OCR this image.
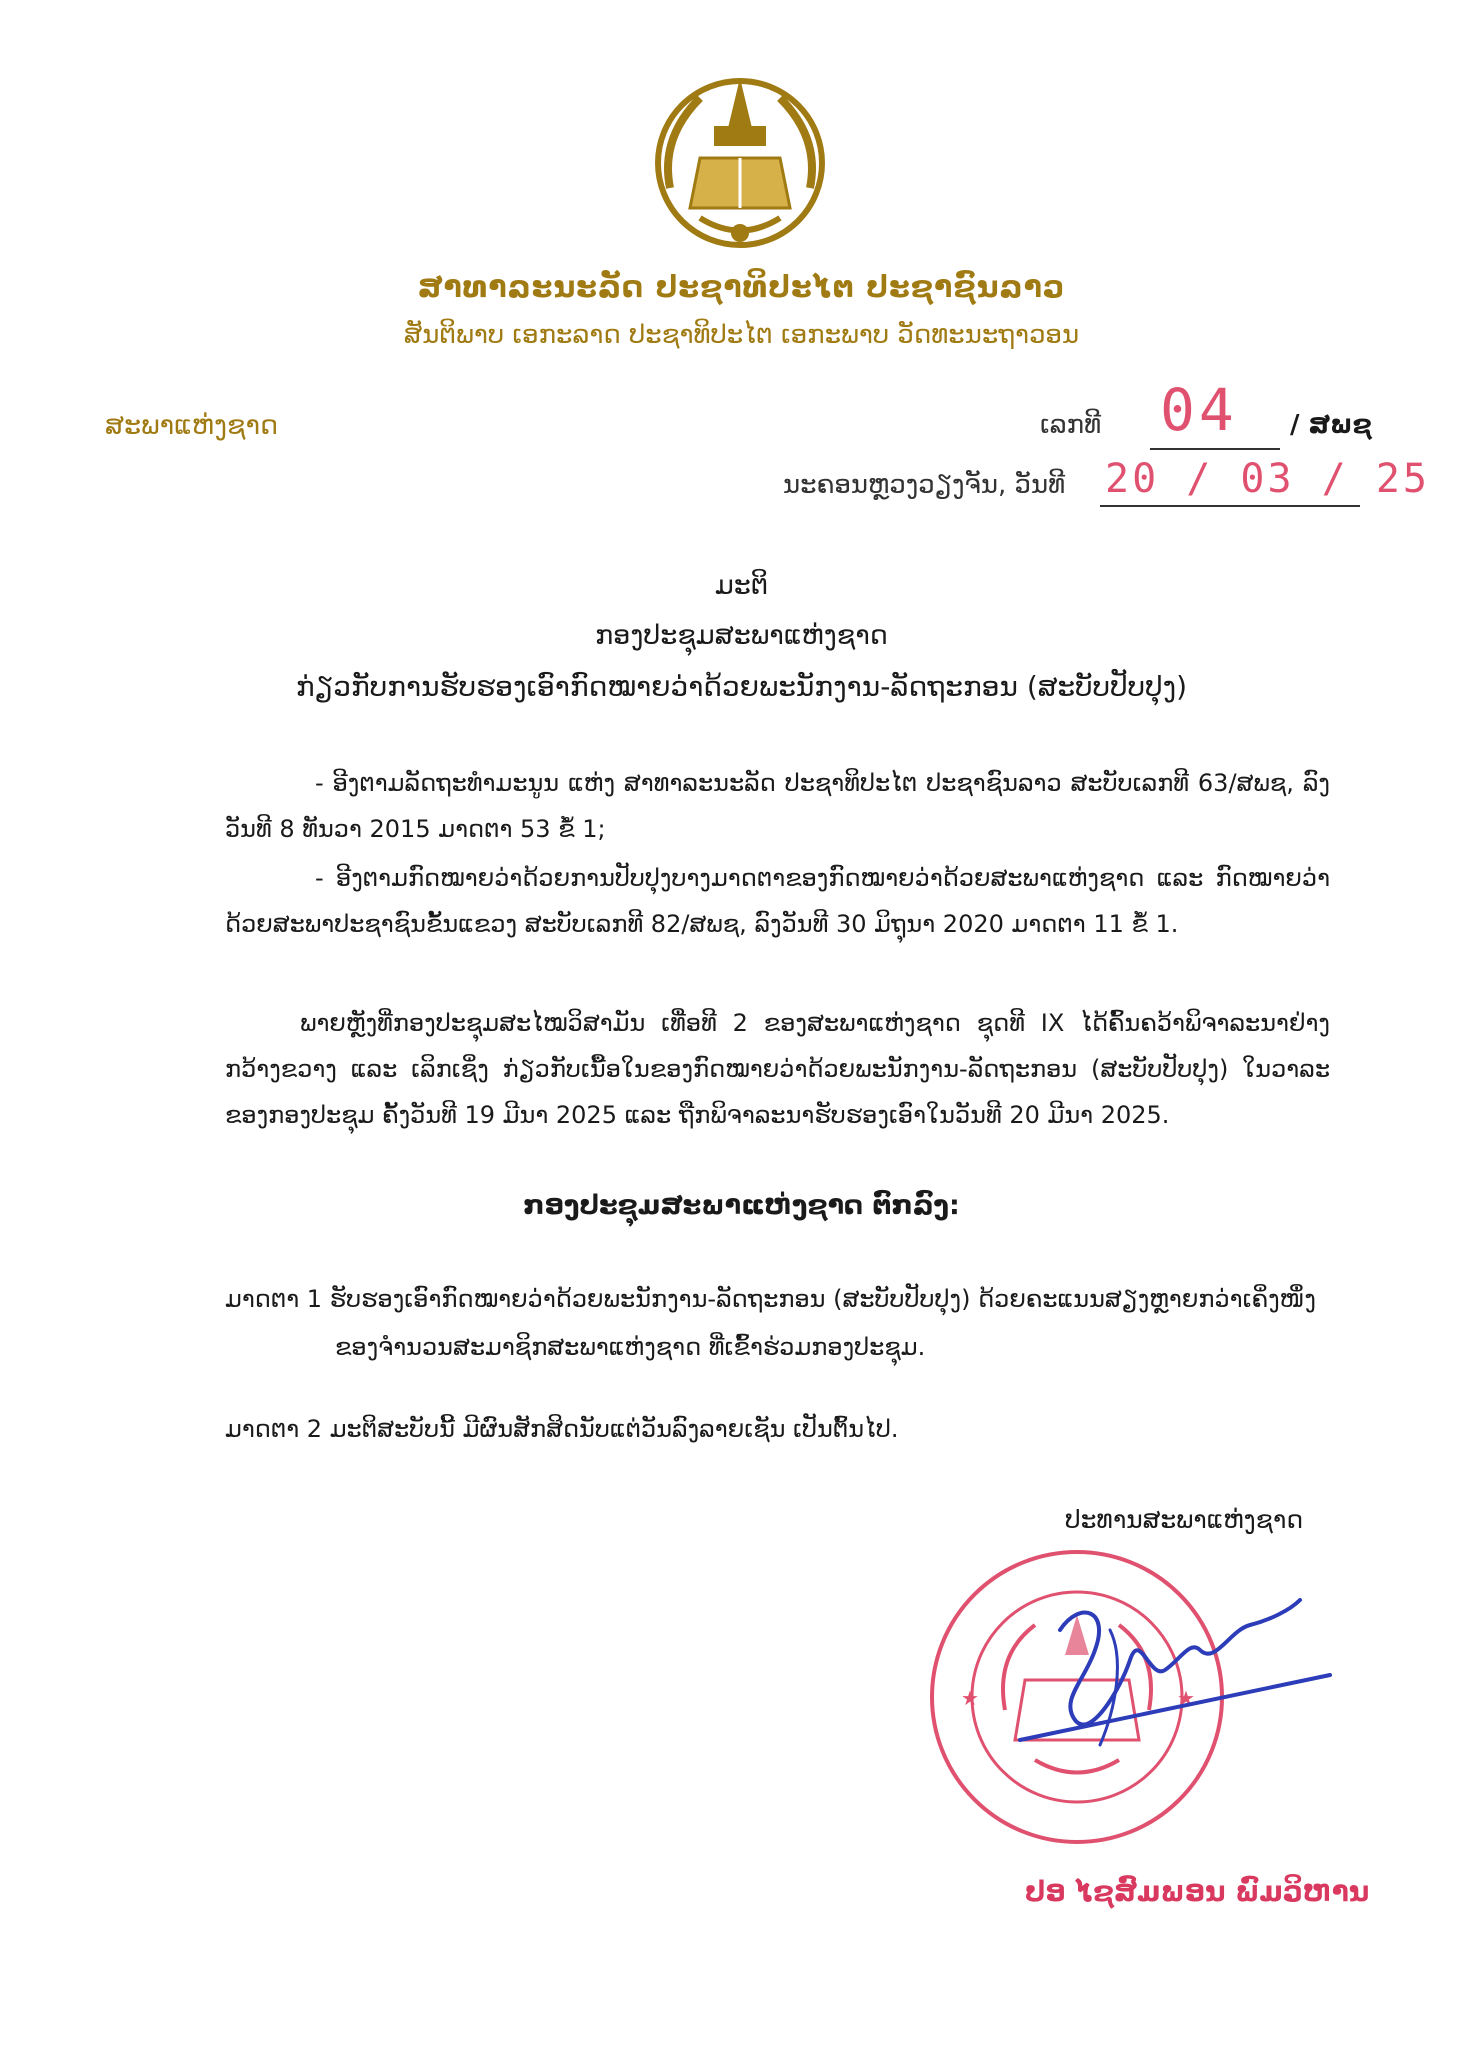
ສາທາລະນະລັດ ປະຊາທິປະໄຕ ປະຊາຊົນລາວ
ສັນຕິພາບ ເອກະລາດ ປະຊາທິປະໄຕ ເອກະພາບ ວັດທະນະຖາວອນ
ສະພາແຫ່ງຊາດ	ເລກທີ 04 / ສພຊ
ນະຄອນຫຼວງວຽງຈັນ, ວັນທີ 20 / 03 / 25
ມະຕິ
ກອງປະຊຸມສະພາແຫ່ງຊາດ
ກ່ຽວກັບການຮັບຮອງເອົາກົດໝາຍວ່າດ້ວຍພະນັກງານ-ລັດຖະກອນ (ສະບັບປັບປຸງ)
- ອີງຕາມລັດຖະທຳມະນູນ ແຫ່ງ ສາທາລະນະລັດ ປະຊາທິປະໄຕ ປະຊາຊົນລາວ ສະບັບເລກທີ 63/ສພຊ, ລົງວັນທີ 8 ທັນວາ 2015 ມາດຕາ 53 ຂໍ້ 1;
- ອີງຕາມກົດໝາຍວ່າດ້ວຍການປັບປຸງບາງມາດຕາຂອງກົດໝາຍວ່າດ້ວຍສະພາແຫ່ງຊາດ ແລະ ກົດໝາຍວ່າດ້ວຍສະພາປະຊາຊົນຂັ້ນແຂວງ ສະບັບເລກທີ 82/ສພຊ, ລົງວັນທີ 30 ມິຖຸນາ 2020 ມາດຕາ 11 ຂໍ້ 1.
ພາຍຫຼັງທີ່ກອງປະຊຸມສະໄໝວິສາມັນ ເທື່ອທີ 2 ຂອງສະພາແຫ່ງຊາດ ຊຸດທີ IX ໄດ້ຄົ້ນຄວ້າພິຈາລະນາຢ່າງກວ້າງຂວາງ ແລະ ເລິກເຊິ່ງ ກ່ຽວກັບເນື້ອໃນຂອງກົດໝາຍວ່າດ້ວຍພະນັກງານ-ລັດຖະກອນ (ສະບັບປັບປຸງ) ໃນວາລະຂອງກອງປະຊຸມ ຄັ້ງວັນທີ 19 ມີນາ 2025 ແລະ ຖືກພິຈາລະນາຮັບຮອງເອົາໃນວັນທີ 20 ມີນາ 2025.
ກອງປະຊຸມສະພາແຫ່ງຊາດ ຕົກລົງ:
ມາດຕາ 1 ຮັບຮອງເອົາກົດໝາຍວ່າດ້ວຍພະນັກງານ-ລັດຖະກອນ (ສະບັບປັບປຸງ) ດ້ວຍຄະແນນສຽງຫຼາຍກວ່າເຄິ່ງໜຶ່ງ
ຂອງຈຳນວນສະມາຊິກສະພາແຫ່ງຊາດ ທີ່ເຂົ້າຮ່ວມກອງປະຊຸມ.
ມາດຕາ 2 ມະຕິສະບັບນີ້ ມີຜົນສັກສິດນັບແຕ່ວັນລົງລາຍເຊັນ ເປັນຕົ້ນໄປ.
ປະທານສະພາແຫ່ງຊາດ
★	★
ປອ ໄຊສົມພອນ ພົມວິຫານ
